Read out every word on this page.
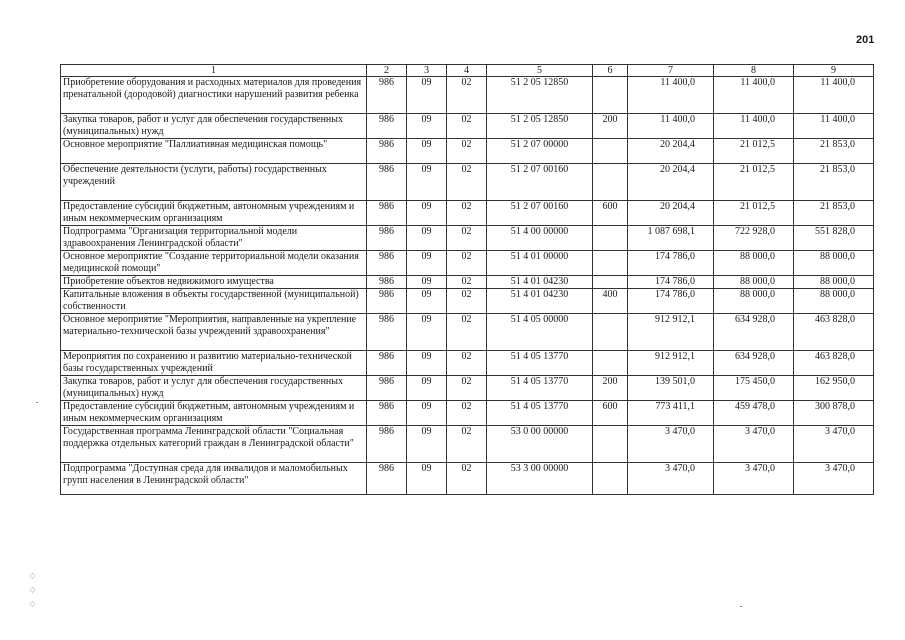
201
1	2	3	4	5	6	7	8	9
Приобретение оборудования и расходных материалов для проведения пренатальной (дородовой) диагностики нарушений развития ребенка	986	09	02	51 2 05 12850		11 400,0	11 400,0	11 400,0
Закупка товаров, работ и услуг для обеспечения государственных (муниципальных) нужд	986	09	02	51 2 05 12850	200	11 400,0	11 400,0	11 400,0
Основное мероприятие "Паллиативная медицинская помощь"	986	09	02	51 2 07 00000		20 204,4	21 012,5	21 853,0
Обеспечение деятельности (услуги, работы) государственных учреждений	986	09	02	51 2 07 00160		20 204,4	21 012,5	21 853,0
Предоставление субсидий бюджетным, автономным учреждениям и иным некоммерческим организациям	986	09	02	51 2 07 00160	600	20 204,4	21 012,5	21 853,0
Подпрограмма "Организация территориальной модели здравоохранения Ленинградской области"	986	09	02	51 4 00 00000		1 087 698,1	722 928,0	551 828,0
Основное мероприятие "Создание территориальной модели оказания медицинской помощи"	986	09	02	51 4 01 00000		174 786,0	88 000,0	88 000,0
Приобретение объектов недвижимого имущества	986	09	02	51 4 01 04230		174 786,0	88 000,0	88 000,0
Капитальные вложения в объекты государственной (муниципальной) собственности	986	09	02	51 4 01 04230	400	174 786,0	88 000,0	88 000,0
Основное мероприятие "Мероприятия, направленные на укрепление материально-технической базы учреждений здравоохранения"	986	09	02	51 4 05 00000		912 912,1	634 928,0	463 828,0
Мероприятия по сохранению и развитию материально-технической базы государственных учреждений	986	09	02	51 4 05 13770		912 912,1	634 928,0	463 828,0
Закупка товаров, работ и услуг для обеспечения государственных (муниципальных) нужд	986	09	02	51 4 05 13770	200	139 501,0	175 450,0	162 950,0
Предоставление субсидий бюджетным, автономным учреждениям и иным некоммерческим организациям	986	09	02	51 4 05 13770	600	773 411,1	459 478,0	300 878,0
Государственная программа Ленинградской области "Социальная поддержка отдельных категорий граждан в Ленинградской области"	986	09	02	53 0 00 00000		3 470,0	3 470,0	3 470,0
Подпрограмма "Доступная среда для инвалидов и маломобильных групп населения в Ленинградской области"	986	09	02	53 3 00 00000		3 470,0	3 470,0	3 470,0
◌
◌
◌
